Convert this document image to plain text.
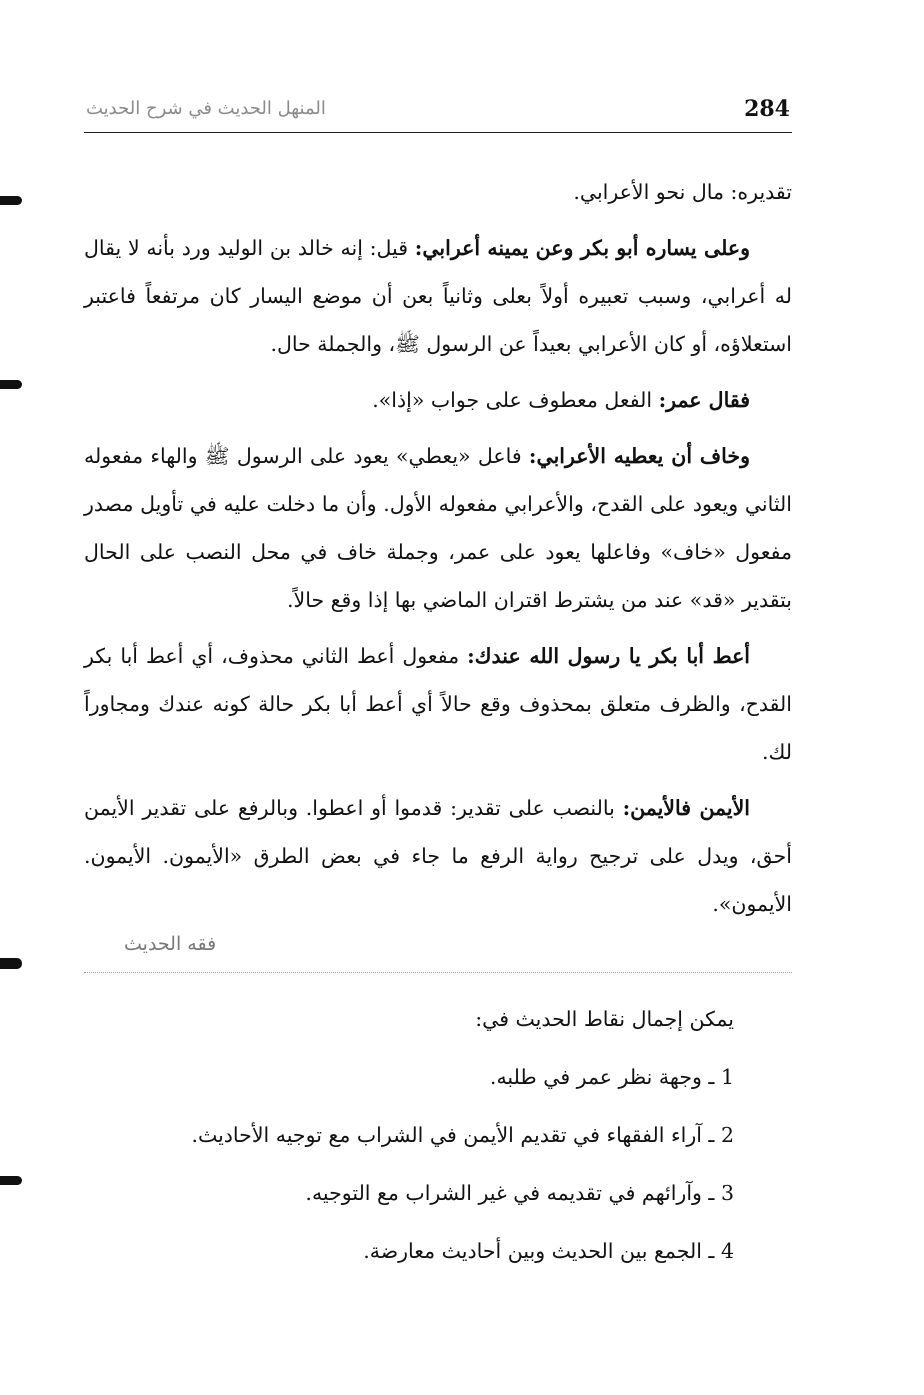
284
المنهل الحديث في شرح الحديث

تقديره: مال نحو الأعرابي.

وعلى يساره أبو بكر وعن يمينه أعرابي: قيل: إنه خالد بن الوليد ورد بأنه لا يقال له أعرابي، وسبب تعبيره أولاً بعلى وثانياً بعن أن موضع اليسار كان مرتفعاً فاعتبر استعلاؤه، أو كان الأعرابي بعيداً عن الرسول ﷺ، والجملة حال.

فقال عمر: الفعل معطوف على جواب «إذا».

وخاف أن يعطيه الأعرابي: فاعل «يعطي» يعود على الرسول ﷺ والهاء مفعوله الثاني ويعود على القدح، والأعرابي مفعوله الأول. وأن ما دخلت عليه في تأويل مصدر مفعول «خاف» وفاعلها يعود على عمر، وجملة خاف في محل النصب على الحال بتقدير «قد» عند من يشترط اقتران الماضي بها إذا وقع حالاً.

أعط أبا بكر يا رسول الله عندك: مفعول أعط الثاني محذوف، أي أعط أبا بكر القدح، والظرف متعلق بمحذوف وقع حالاً أي أعط أبا بكر حالة كونه عندك ومجاوراً لك.

الأيمن فالأيمن: بالنصب على تقدير: قدموا أو اعطوا. وبالرفع على تقدير الأيمن أحق، ويدل على ترجيح رواية الرفع ما جاء في بعض الطرق «الأيمون. الأيمون. الأيمون».

فقه الحديث
يمكن إجمال نقاط الحديث في:
1 ـ وجهة نظر عمر في طلبه.
2 ـ آراء الفقهاء في تقديم الأيمن في الشراب مع توجيه الأحاديث.
3 ـ وآرائهم في تقديمه في غير الشراب مع التوجيه.
4 ـ الجمع بين الحديث وبين أحاديث معارضة.
